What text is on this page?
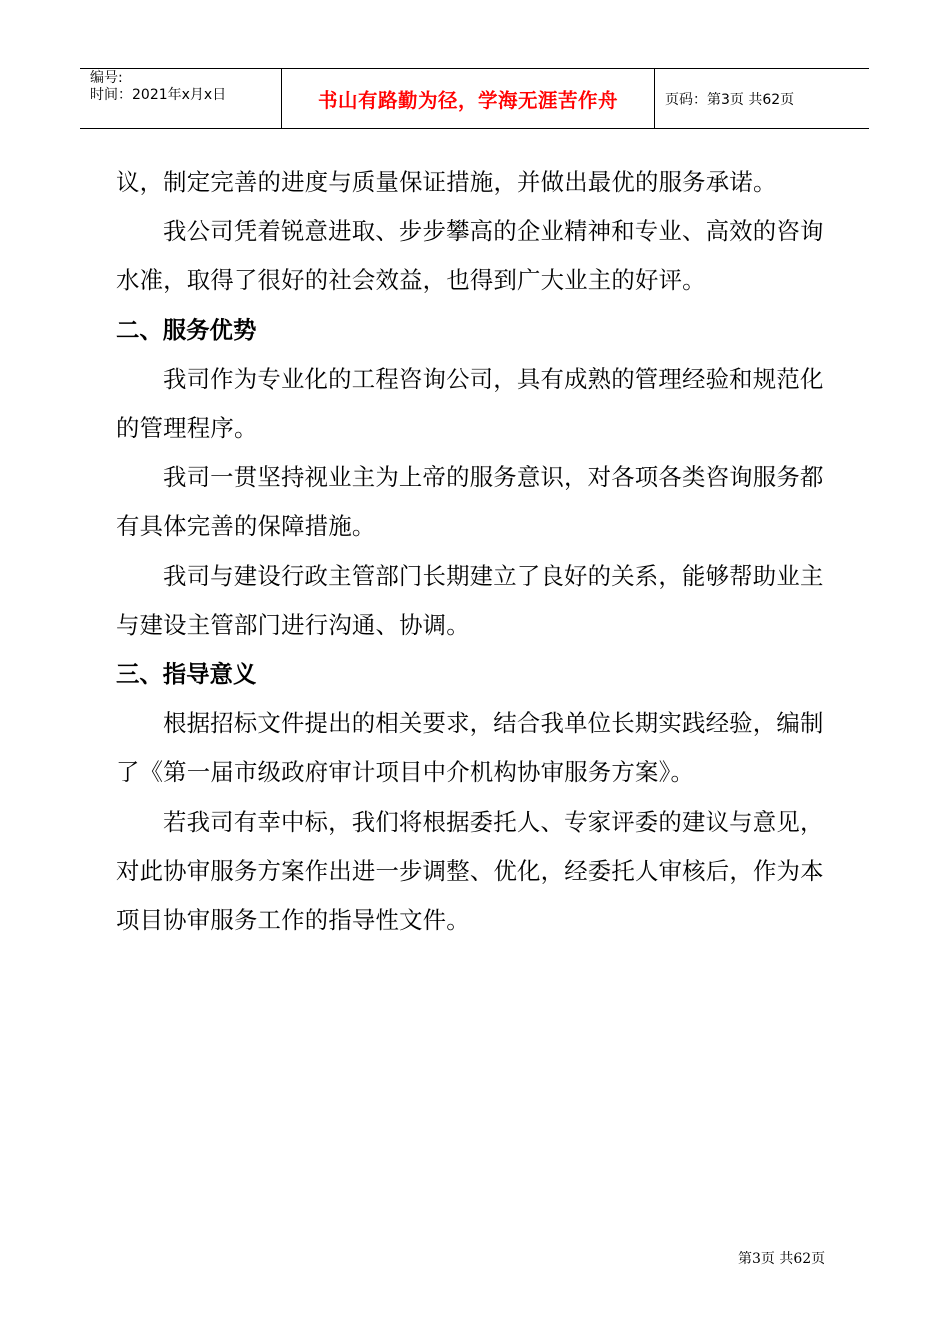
编号:
时间：2021年x月x日	书山有路勤为径，学海无涯苦作舟	页码：第3页 共62页

议，制定完善的进度与质量保证措施，并做出最优的服务承诺。

我公司凭着锐意进取、步步攀高的企业精神和专业、高效的咨询水准，取得了很好的社会效益，也得到广大业主的好评。

二、服务优势

我司作为专业化的工程咨询公司，具有成熟的管理经验和规范化的管理程序。

我司一贯坚持视业主为上帝的服务意识，对各项各类咨询服务都有具体完善的保障措施。

我司与建设行政主管部门长期建立了良好的关系，能够帮助业主与建设主管部门进行沟通、协调。

三、指导意义

根据招标文件提出的相关要求，结合我单位长期实践经验，编制了《第一届市级政府审计项目中介机构协审服务方案》。

若我司有幸中标，我们将根据委托人、专家评委的建议与意见，对此协审服务方案作出进一步调整、优化，经委托人审核后，作为本项目协审服务工作的指导性文件。

第3页 共62页
